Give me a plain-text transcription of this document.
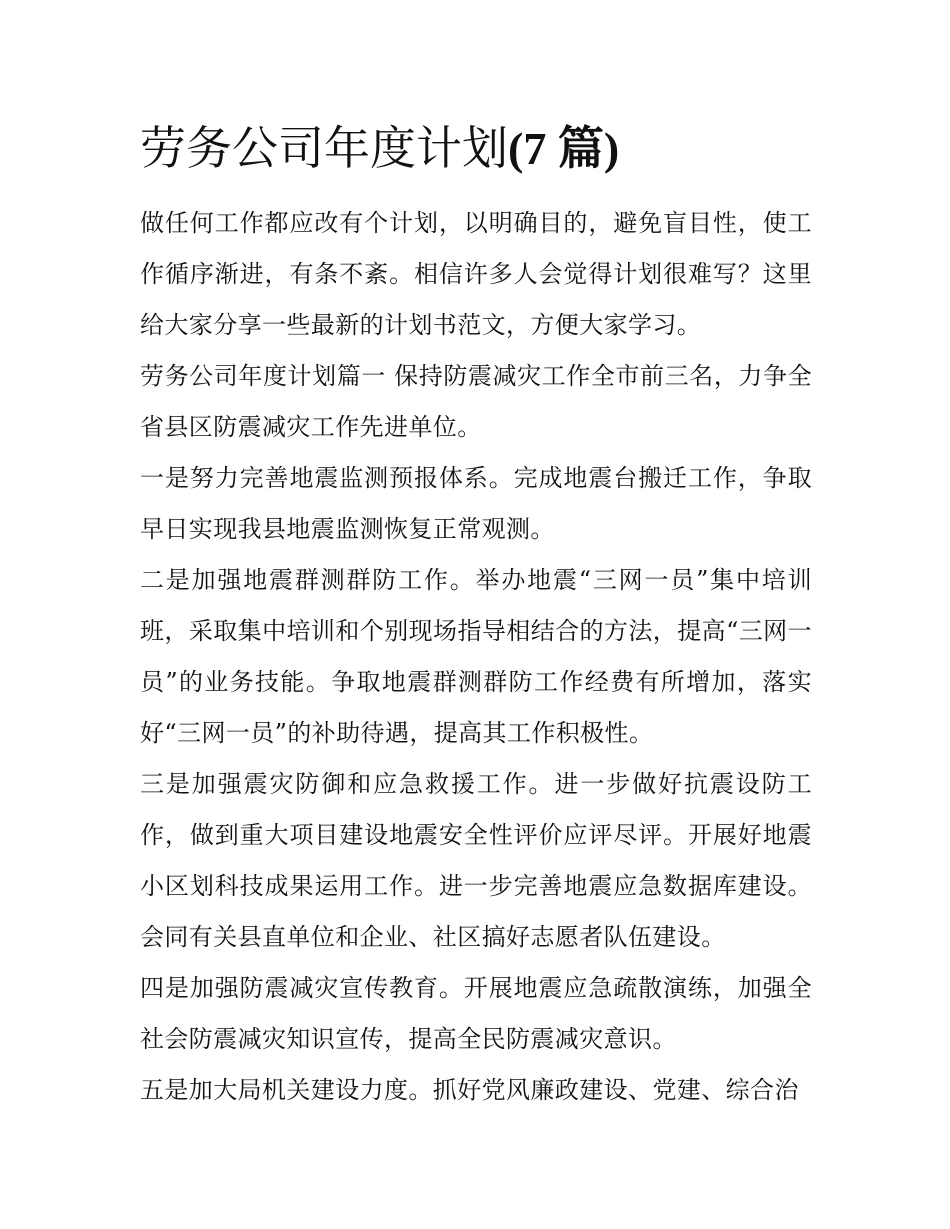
劳务公司年度计划(7 篇)

做任何工作都应改有个计划，以明确目的，避免盲目性，使工作循序渐进，有条不紊。相信许多人会觉得计划很难写？这里给大家分享一些最新的计划书范文，方便大家学习。

劳务公司年度计划篇一 保持防震减灾工作全市前三名，力争全省县区防震减灾工作先进单位。

一是努力完善地震监测预报体系。完成地震台搬迁工作，争取早日实现我县地震监测恢复正常观测。

二是加强地震群测群防工作。举办地震“三网一员”集中培训班，采取集中培训和个别现场指导相结合的方法，提高“三网一员”的业务技能。争取地震群测群防工作经费有所增加，落实好“三网一员”的补助待遇，提高其工作积极性。

三是加强震灾防御和应急救援工作。进一步做好抗震设防工作，做到重大项目建设地震安全性评价应评尽评。开展好地震小区划科技成果运用工作。进一步完善地震应急数据库建设。会同有关县直单位和企业、社区搞好志愿者队伍建设。

四是加强防震减灾宣传教育。开展地震应急疏散演练，加强全社会防震减灾知识宣传，提高全民防震减灾意识。

五是加大局机关建设力度。抓好党风廉政建设、党建、综合治
